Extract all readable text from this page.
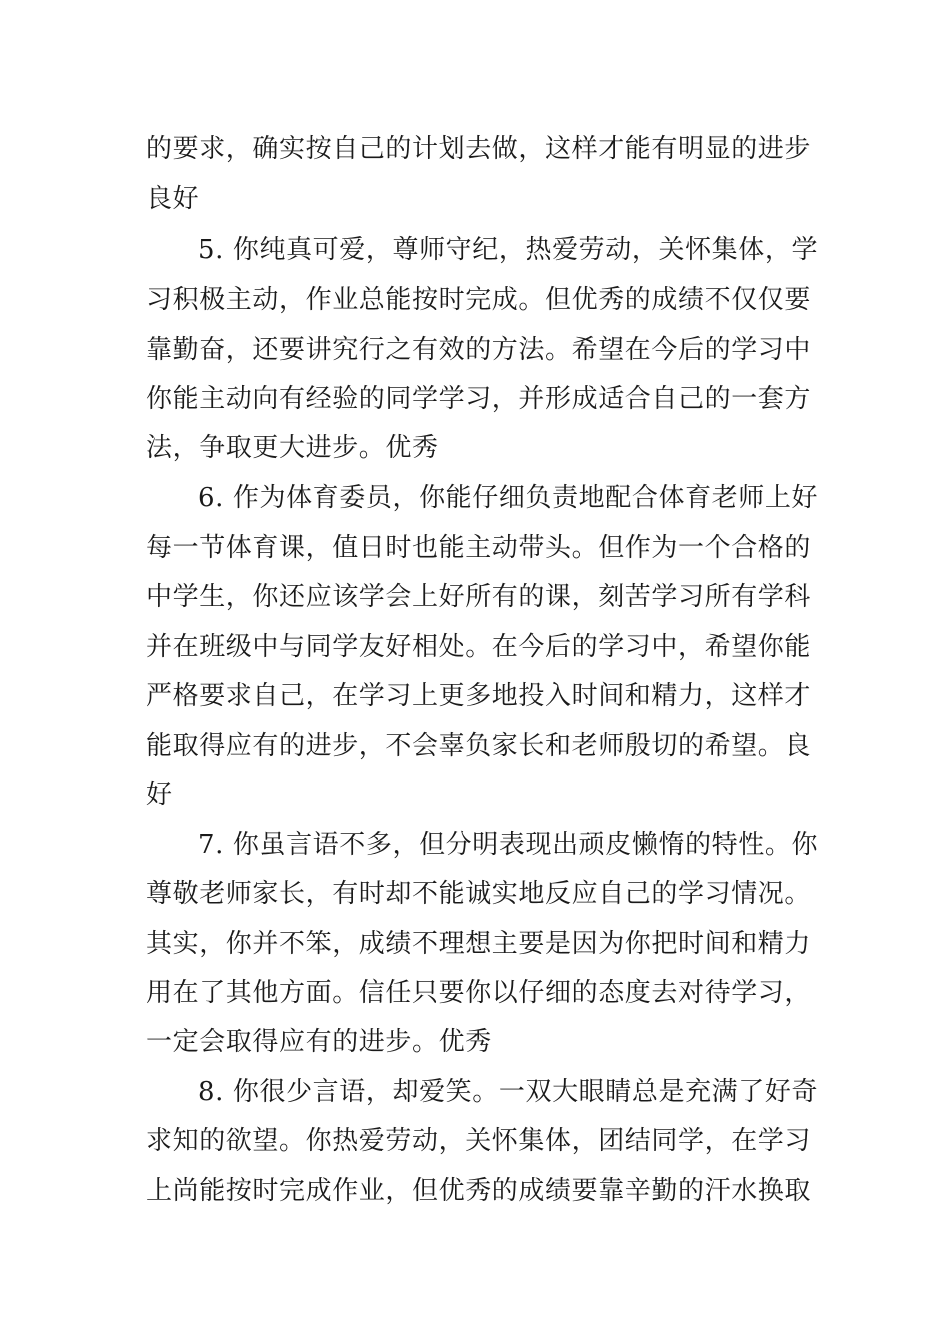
的要求，确实按自己的计划去做，这样才能有明显的进步
良好
5. 你纯真可爱，尊师守纪，热爱劳动，关怀集体，学
习积极主动，作业总能按时完成。但优秀的成绩不仅仅要
靠勤奋，还要讲究行之有效的方法。希望在今后的学习中
你能主动向有经验的同学学习，并形成适合自己的一套方
法，争取更大进步。优秀
6. 作为体育委员，你能仔细负责地配合体育老师上好
每一节体育课，值日时也能主动带头。但作为一个合格的
中学生，你还应该学会上好所有的课，刻苦学习所有学科
并在班级中与同学友好相处。在今后的学习中，希望你能
严格要求自己，在学习上更多地投入时间和精力，这样才
能取得应有的进步，不会辜负家长和老师殷切的希望。良
好
7. 你虽言语不多，但分明表现出顽皮懒惰的特性。你
尊敬老师家长，有时却不能诚实地反应自己的学习情况。
其实，你并不笨，成绩不理想主要是因为你把时间和精力
用在了其他方面。信任只要你以仔细的态度去对待学习，
一定会取得应有的进步。优秀
8. 你很少言语，却爱笑。一双大眼睛总是充满了好奇
求知的欲望。你热爱劳动，关怀集体，团结同学，在学习
上尚能按时完成作业，但优秀的成绩要靠辛勤的汗水换取
